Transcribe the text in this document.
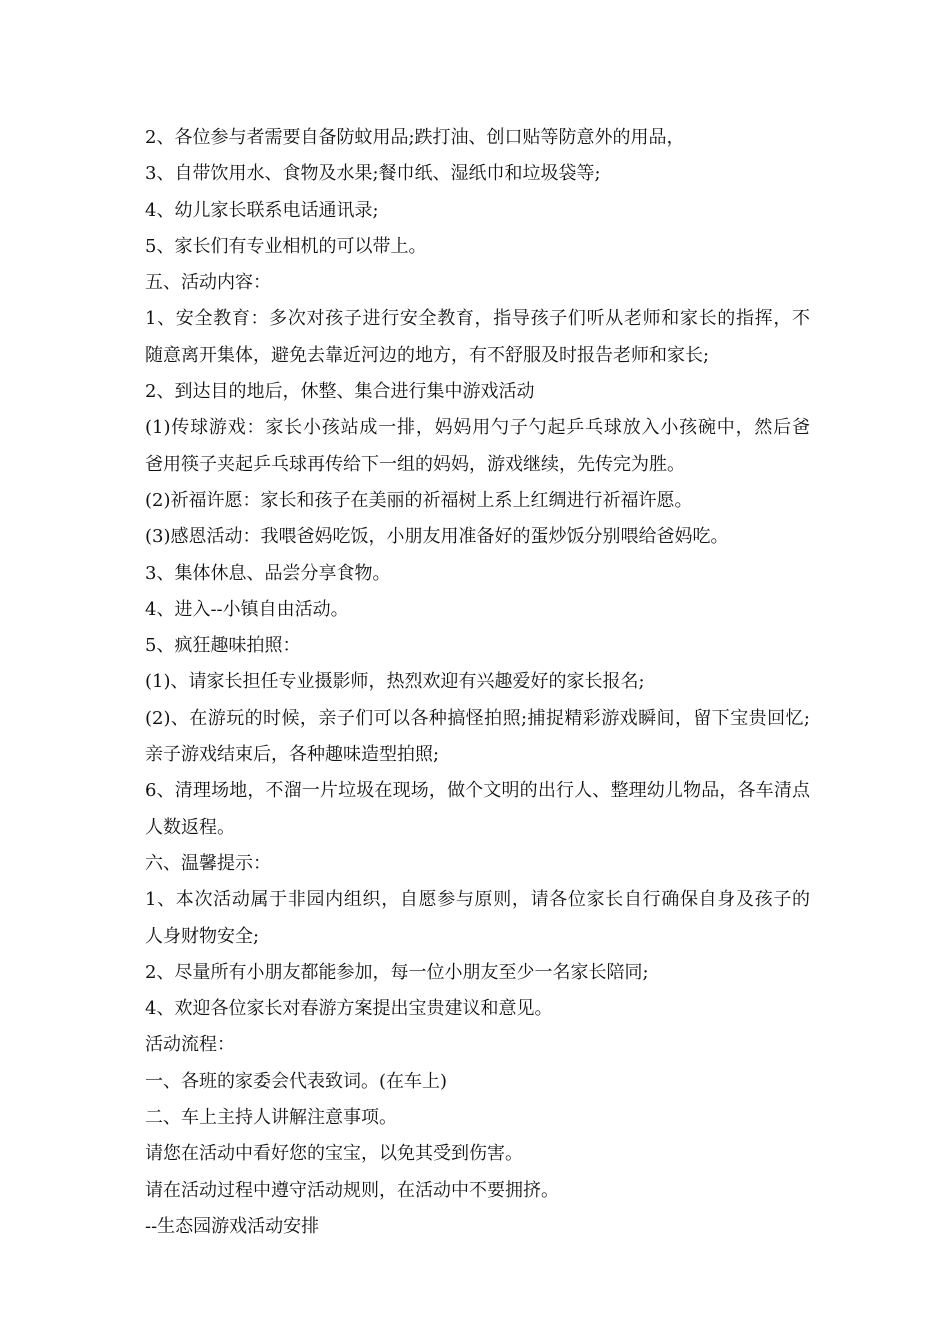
2、各位参与者需要自备防蚊用品;跌打油、创口贴等防意外的用品，
3、自带饮用水、食物及水果;餐巾纸、湿纸巾和垃圾袋等;
4、幼儿家长联系电话通讯录;
5、家长们有专业相机的可以带上。
五、活动内容：
1、安全教育：多次对孩子进行安全教育，指导孩子们听从老师和家长的指挥，不
随意离开集体，避免去靠近河边的地方，有不舒服及时报告老师和家长;
2、到达目的地后，休整、集合进行集中游戏活动
(1)传球游戏：家长小孩站成一排，妈妈用勺子勺起乒乓球放入小孩碗中，然后爸
爸用筷子夹起乒乓球再传给下一组的妈妈，游戏继续，先传完为胜。
(2)祈福许愿：家长和孩子在美丽的祈福树上系上红绸进行祈福许愿。
(3)感恩活动：我喂爸妈吃饭，小朋友用准备好的蛋炒饭分别喂给爸妈吃。
3、集体休息、品尝分享食物。
4、进入--小镇自由活动。
5、疯狂趣味拍照：
(1)、请家长担任专业摄影师，热烈欢迎有兴趣爱好的家长报名;
(2)、在游玩的时候，亲子们可以各种搞怪拍照;捕捉精彩游戏瞬间，留下宝贵回忆;
亲子游戏结束后，各种趣味造型拍照;
6、清理场地，不溜一片垃圾在现场，做个文明的出行人、整理幼儿物品，各车清点
人数返程。
六、温馨提示：
1、本次活动属于非园内组织，自愿参与原则，请各位家长自行确保自身及孩子的
人身财物安全;
2、尽量所有小朋友都能参加，每一位小朋友至少一名家长陪同;
4、欢迎各位家长对春游方案提出宝贵建议和意见。
活动流程：
一、各班的家委会代表致词。(在车上)
二、车上主持人讲解注意事项。
请您在活动中看好您的宝宝，以免其受到伤害。
请在活动过程中遵守活动规则，在活动中不要拥挤。
--生态园游戏活动安排
